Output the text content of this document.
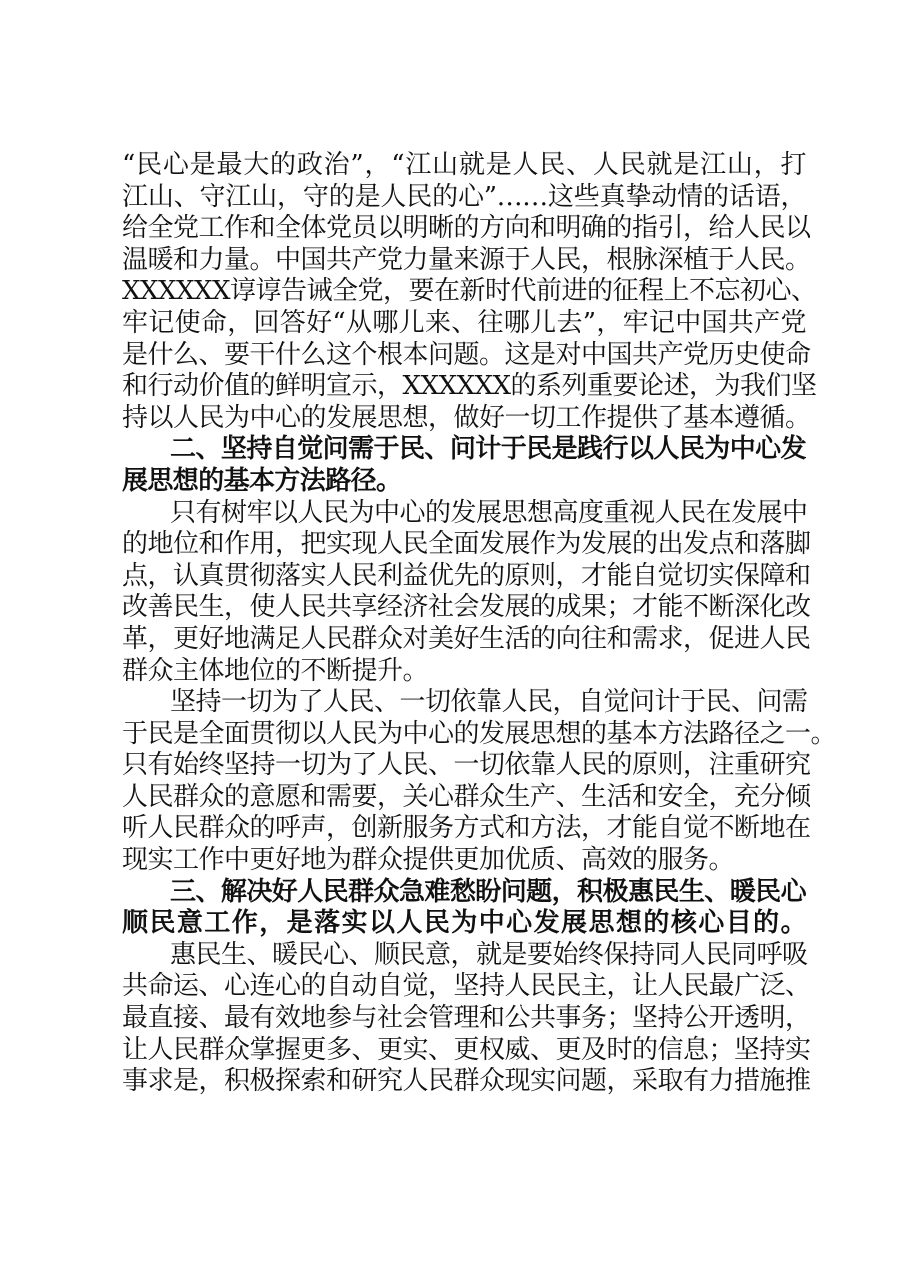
“民心是最大的政治”，“江山就是人民、人民就是江山，打
江山、守江山，守的是人民的心”……这些真挚动情的话语，
给全党工作和全体党员以明晰的方向和明确的指引，给人民以
温暖和力量。中国共产党力量来源于人民，根脉深植于人民。
XXXXXX谆谆告诫全党，要在新时代前进的征程上不忘初心、
牢记使命，回答好“从哪儿来、往哪儿去”，牢记中国共产党
是什么、要干什么这个根本问题。这是对中国共产党历史使命
和行动价值的鲜明宣示，XXXXXX的系列重要论述，为我们坚
持以人民为中心的发展思想，做好一切工作提供了基本遵循。
二、坚持自觉问需于民、问计于民是践行以人民为中心发
展思想的基本方法路径。
只有树牢以人民为中心的发展思想高度重视人民在发展中
的地位和作用，把实现人民全面发展作为发展的出发点和落脚
点，认真贯彻落实人民利益优先的原则，才能自觉切实保障和
改善民生，使人民共享经济社会发展的成果；才能不断深化改
革，更好地满足人民群众对美好生活的向往和需求，促进人民
群众主体地位的不断提升。
坚持一切为了人民、一切依靠人民，自觉问计于民、问需
于民是全面贯彻以人民为中心的发展思想的基本方法路径之一。
只有始终坚持一切为了人民、一切依靠人民的原则，注重研究
人民群众的意愿和需要，关心群众生产、生活和安全，充分倾
听人民群众的呼声，创新服务方式和方法，才能自觉不断地在
现实工作中更好地为群众提供更加优质、高效的服务。
三、解决好人民群众急难愁盼问题，积极惠民生、暖民心
顺民意工作，是落实以人民为中心发展思想的核心目的。
惠民生、暖民心、顺民意，就是要始终保持同人民同呼吸
共命运、心连心的自动自觉，坚持人民民主，让人民最广泛、
最直接、最有效地参与社会管理和公共事务；坚持公开透明，
让人民群众掌握更多、更实、更权威、更及时的信息；坚持实
事求是，积极探索和研究人民群众现实问题，采取有力措施推
